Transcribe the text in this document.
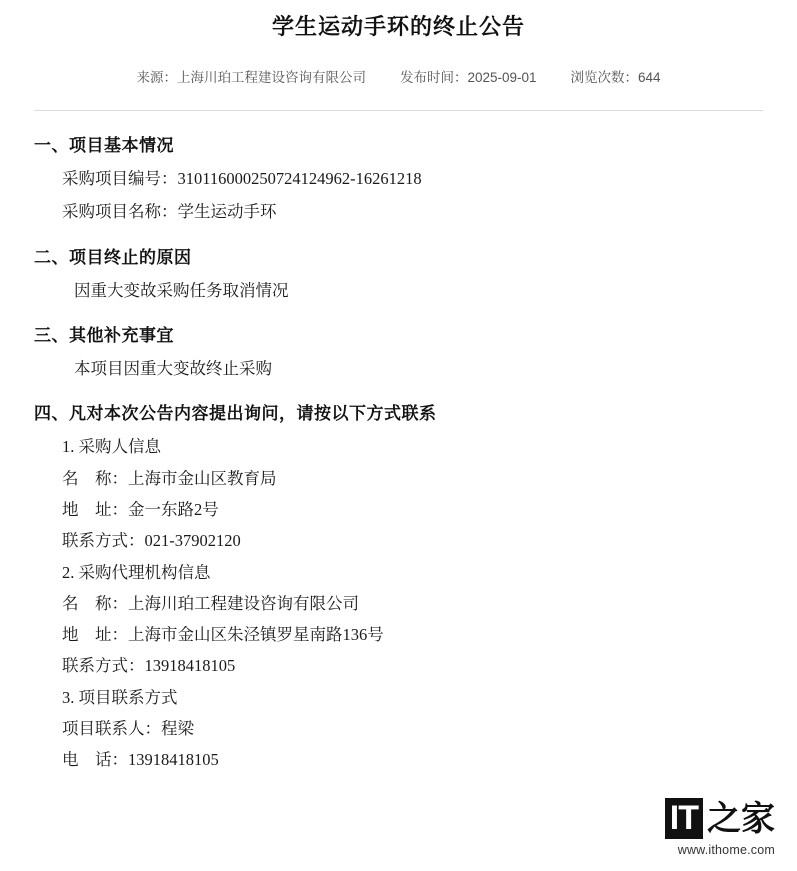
学生运动手环的终止公告
来源：上海川珀工程建设咨询有限公司	发布时间：2025-09-01	浏览次数：644
一、项目基本情况

采购项目编号：310116000250724124962-16261218

采购项目名称：学生运动手环

二、项目终止的原因

因重大变故采购任务取消情况

三、其他补充事宜

本项目因重大变故终止采购

四、凡对本次公告内容提出询问，请按以下方式联系

1. 采购人信息

名　称：上海市金山区教育局

地　址：金一东路2号

联系方式：021-37902120

2. 采购代理机构信息

名　称：上海川珀工程建设咨询有限公司

地　址：上海市金山区朱泾镇罗星南路136号

联系方式：13918418105

3. 项目联系方式

项目联系人：程梁

电　话：13918418105

IT 之家
www.ithome.com
